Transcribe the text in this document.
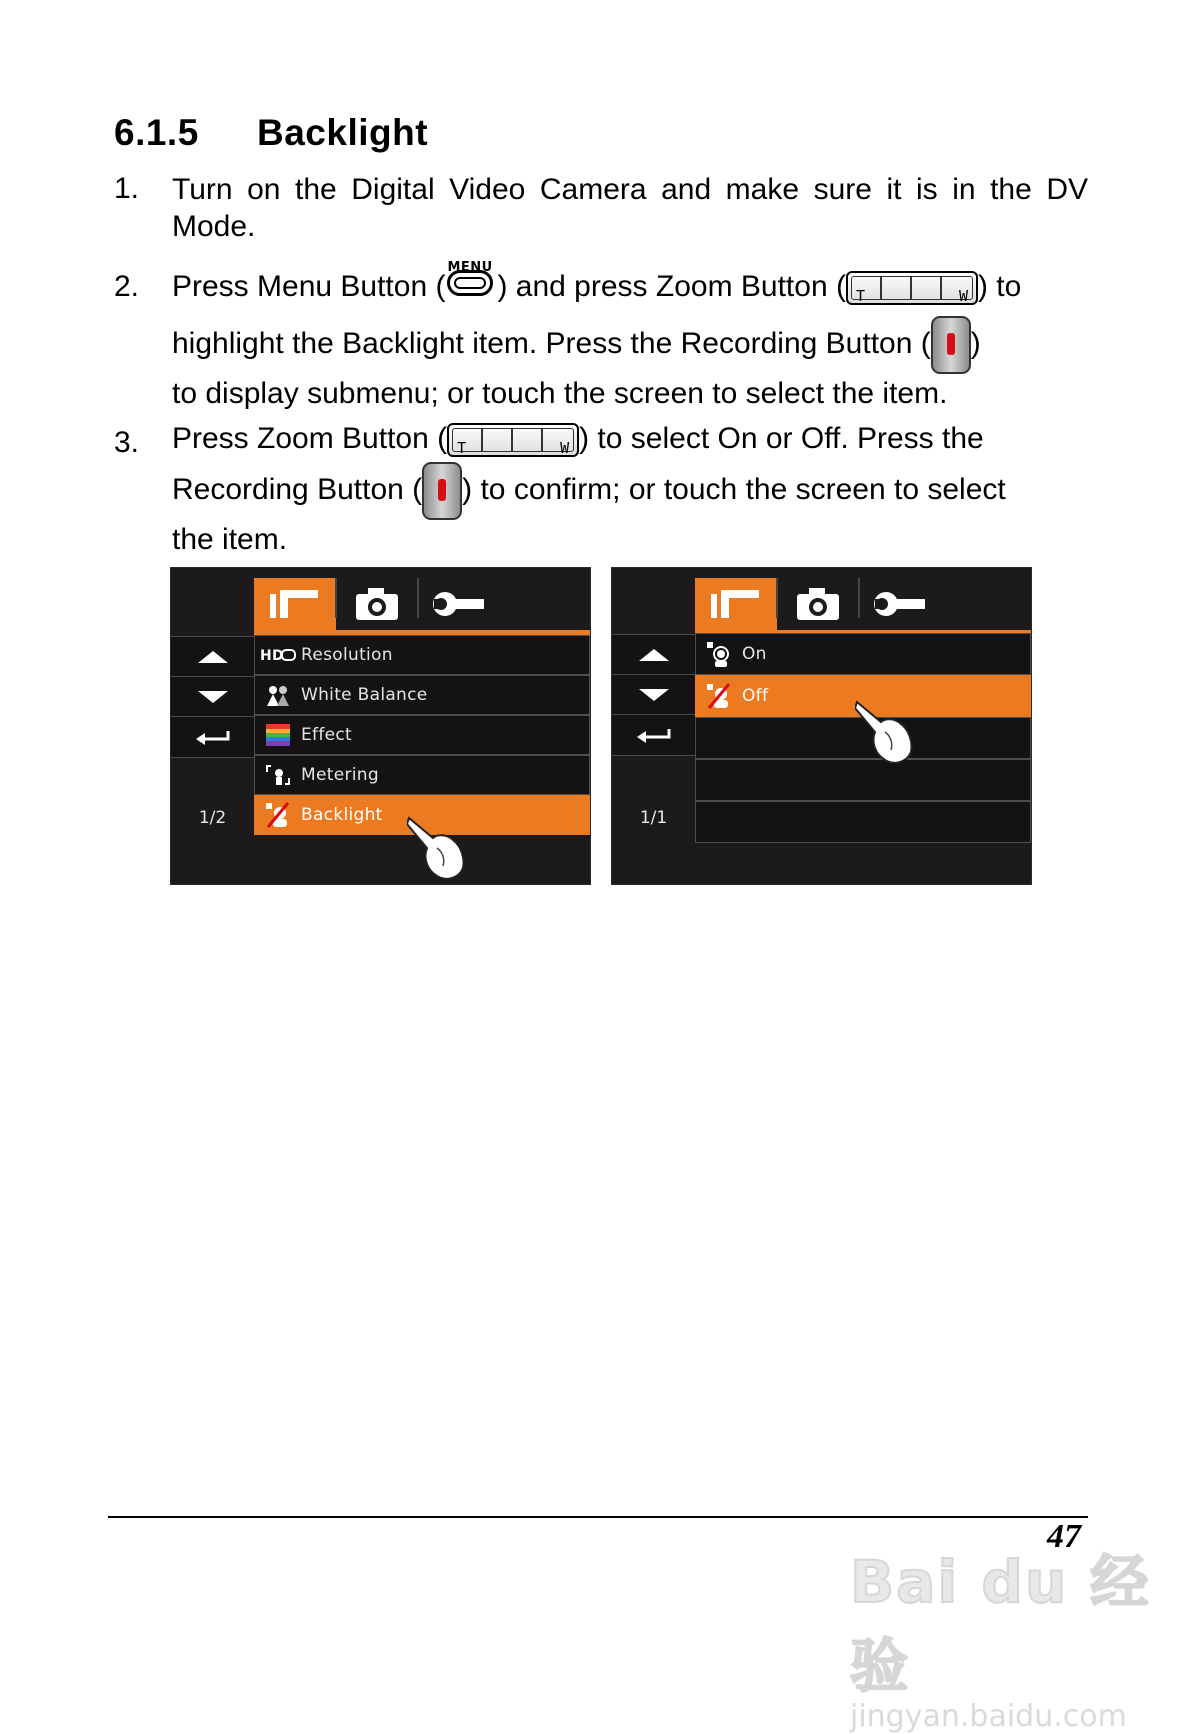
6.1.5 Backlight
1. Turn on the Digital Video Camera and make sure it is in the DV
Mode.
2. Press Menu Button (
MENU
) and press Zoom Button ( T	W ) to
highlight the Backlight item. Press the Recording Button ( )
to display submenu; or touch the screen to select the item.
3. Press Zoom Button ( T	W ) to select On or Off. Press the
Recording Button ( ) to confirm; or touch the screen to select
the item.
1/2
HD Resolution
White Balance
Effect
Metering
Backlight	1/1
On
Off
47
Bai du 经验
jingyan.baidu.com
